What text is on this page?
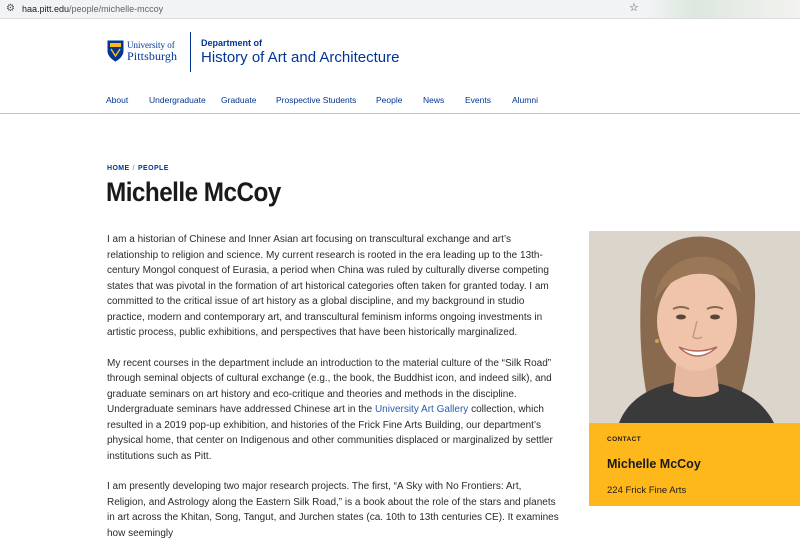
⚙ haa.pitt.edu/people/michelle-mccoy	☆
University of
Pittsburgh
Department of
History of Art and Architecture
About Undergraduate Graduate Prospective Students People News Events Alumni
HOME / PEOPLE
Michelle McCoy

I am a historian of Chinese and Inner Asian art focusing on transcultural exchange and art’s relationship to religion and science. My current research is rooted in the era leading up to the 13th-century Mongol conquest of Eurasia, a period when China was ruled by culturally diverse competing states that was pivotal in the formation of art historical categories often taken for granted today. I am committed to the critical issue of art history as a global discipline, and my background in studio practice, modern and contemporary art, and transcultural feminism informs ongoing investments in artistic process, public exhibitions, and perspectives that have been historically marginalized.

My recent courses in the department include an introduction to the material culture of the “Silk Road” through seminal objects of cultural exchange (e.g., the book, the Buddhist icon, and indeed silk), and graduate seminars on art history and eco-critique and theories and methods in the discipline. Undergraduate seminars have addressed Chinese art in the University Art Gallery collection, which resulted in a 2019 pop-up exhibition, and histories of the Frick Fine Arts Building, our department’s physical home, that center on Indigenous and other communities displaced or marginalized by settler institutions such as Pitt.

I am presently developing two major research projects. The first, “A Sky with No Frontiers: Art, Religion, and Astrology along the Eastern Silk Road,” is a book about the role of the stars and planets in art across the Khitan, Song, Tangut, and Jurchen states (ca. 10th to 13th centuries CE). It examines how seemingly

CONTACT
Michelle McCoy
224 Frick Fine Arts
